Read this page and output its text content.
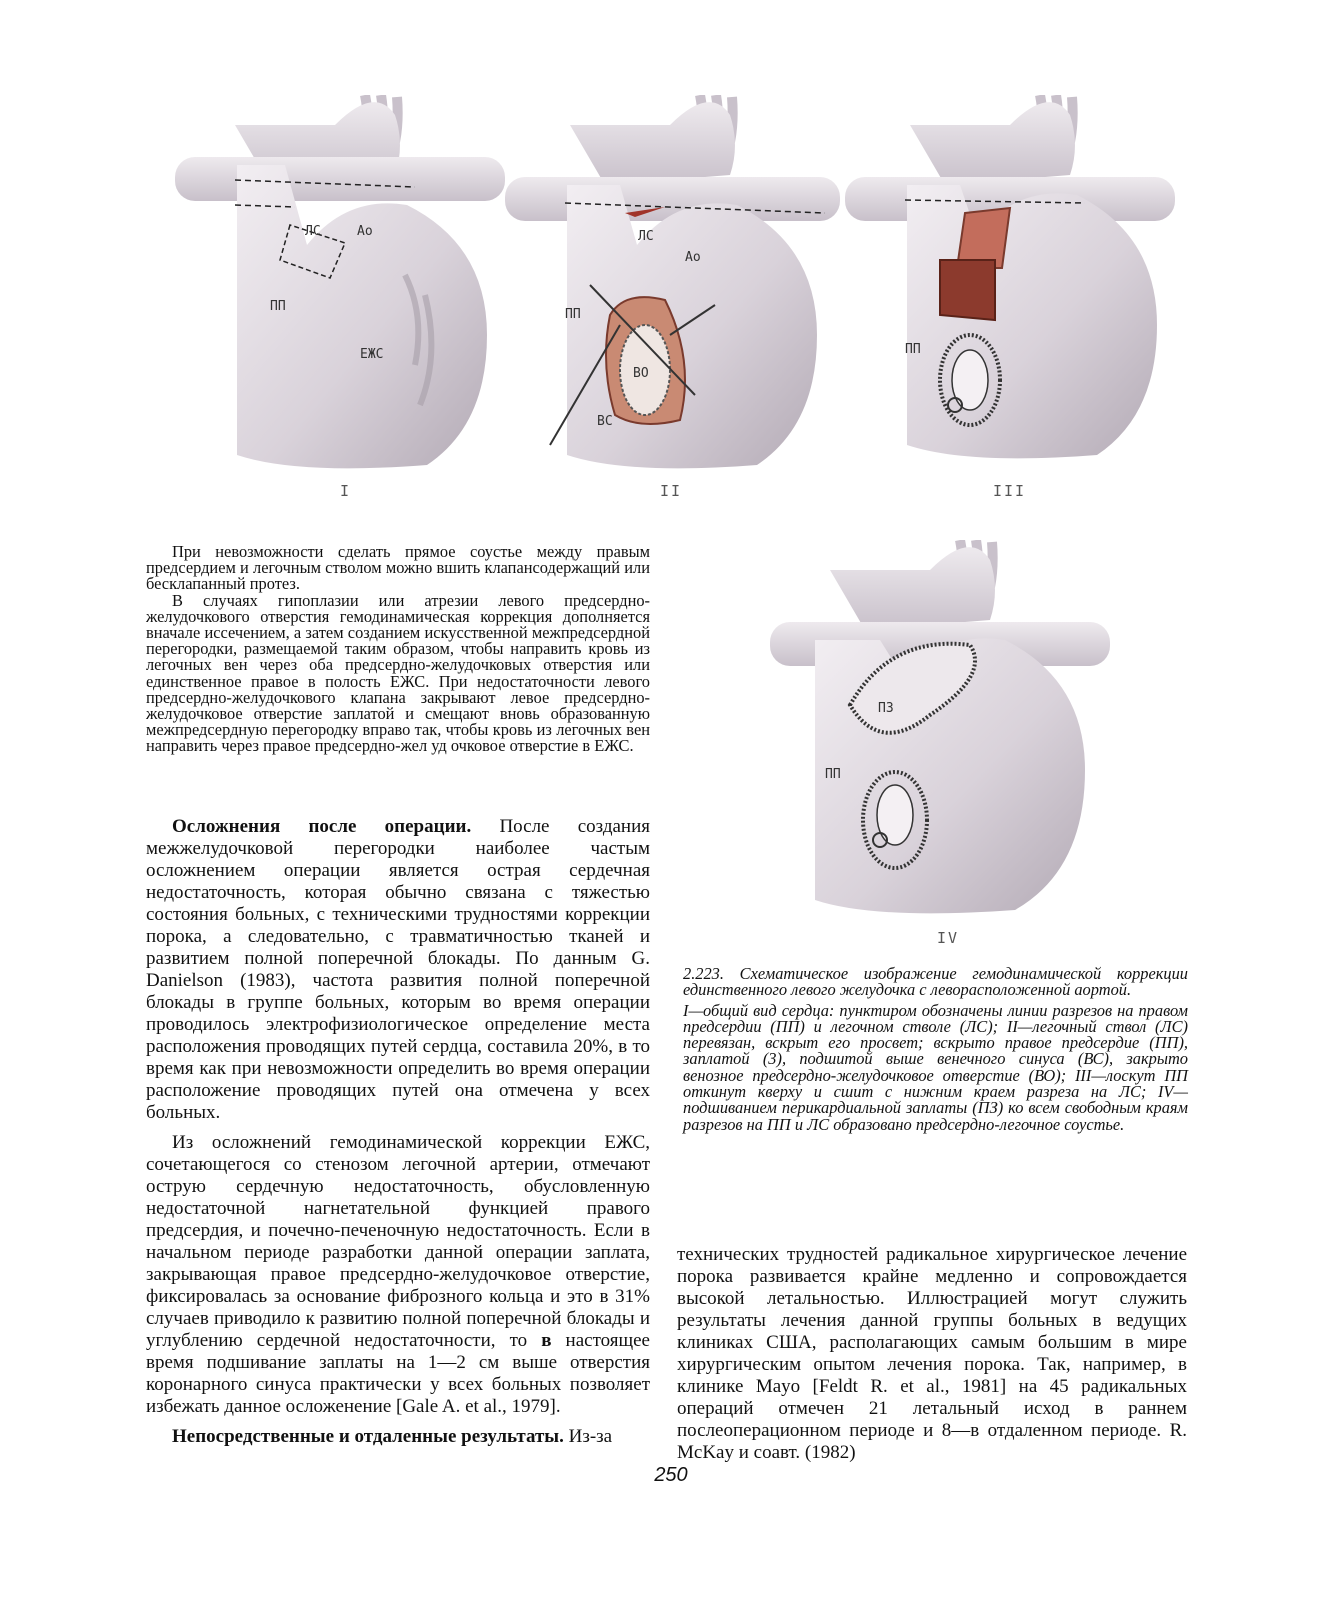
ЛС	Ао
ПП
ЕЖС
I
ЛС
Ао
ПП
ВО
ВС
II
ПП
III
ПЗ
ПП
IV

При невозможности сделать прямое соустье между правым предсердием и легочным стволом можно вшить клапансодержащий или бесклапанный протез.

В случаях гипоплазии или атрезии левого предсердно-желудочкового отверстия гемодинамическая коррекция дополняется вначале иссечением, а затем созданием искусственной межпредсердной перегородки, размещаемой таким образом, чтобы направить кровь из легочных вен через оба предсердно-желудочковых отверстия или единственное правое в полость ЕЖС. При недостаточности левого предсердно-желудочкового клапана закрывают левое предсердно-желудочковое отверстие заплатой и смещают вновь образованную межпредсердную перегородку вправо так, чтобы кровь из легочных вен направить через правое предсердно-жел уд очковое отверстие в ЕЖС.

Осложнения после операции. После создания межжелудочковой перегородки наиболее частым осложнением операции является острая сердечная недостаточность, которая обычно связана с тяжестью состояния больных, с техническими трудностями коррекции порока, а следовательно, с травматичностью тканей и развитием полной поперечной блокады. По данным G. Danielson (1983), частота развития полной поперечной блокады в группе больных, которым во время операции проводилось электрофизиологическое определение места расположения проводящих путей сердца, составила 20%, в то время как при невозможности определить во время операции расположение проводящих путей она отмечена у всех больных.

Из осложнений гемодинамической коррекции ЕЖС, сочетающегося со стенозом легочной артерии, отмечают острую сердечную недостаточность, обусловленную недостаточной нагнетательной функцией правого предсердия, и почечно-печеночную недостаточность. Если в начальном периоде разработки данной операции заплата, закрывающая правое предсердно-желудочковое отверстие, фиксировалась за основание фиброзного кольца и это в 31% случаев приводило к развитию полной поперечной блокады и углублению сердечной недостаточности, то в настоящее время подшивание заплаты на 1—2 см выше отверстия коронарного синуса практически у всех больных позволяет избежать данное осложенение [Gale A. et al., 1979].

Непосредственные и отдаленные результаты. Из-за

2.223. Схематическое изображение гемодинамической коррекции единственного левого желудочка с леворасположенной аортой.

I—общий вид сердца: пунктиром обозначены линии разрезов на правом предсердии (ПП) и легочном стволе (ЛС); II—легочный ствол (ЛС) перевязан, вскрыт его просвет; вскрыто правое предсердие (ПП), заплатой (3), подшитой выше венечного синуса (ВС), закрыто венозное предсердно-желудочковое отверстие (ВО); III—лоскут ПП откинут кверху и сшит с нижним краем разреза на ЛС; IV—подшиванием перикардиальной заплаты (ПЗ) ко всем свободным краям разрезов на ПП и ЛС образовано предсердно-легочное соустье.

технических трудностей радикальное хирургическое лечение порока развивается крайне медленно и сопровождается высокой летальностью. Иллюстрацией могут служить результаты лечения данной группы больных в ведущих клиниках США, располагающих самым большим в мире хирургическим опытом лечения порока. Так, например, в клинике Mayo [Feldt R. et al., 1981] на 45 радикальных операций отмечен 21 летальный исход в раннем послеоперационном периоде и 8—в отдаленном периоде. R. McKay и соавт. (1982)

250
